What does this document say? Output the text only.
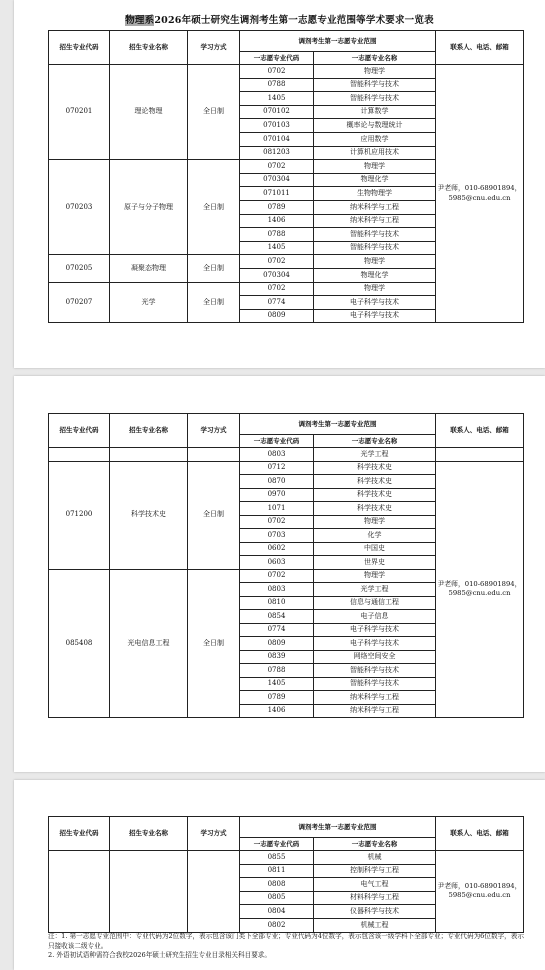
物理系2026年硕士研究生调剂考生第一志愿专业范围等学术要求一览表
招生专业代码	招生专业名称	学习方式	调剂考生第一志愿专业范围		联系人、电话、邮箱
			一志愿专业代码	一志愿专业名称	
070201	理论物理	全日制	0702	物理学	尹老师，010-68901894，5985@cnu.edu.cn
			0788	智能科学与技术	
			1405	智能科学与技术	
			070102	计算数学	
			070103	概率论与数理统计	
			070104	应用数学	
			081203	计算机应用技术	
070203	原子与分子物理	全日制	0702	物理学	
			070304	物理化学	
			071011	生物物理学	
			0789	纳米科学与工程	
			1406	纳米科学与工程	
			0788	智能科学与技术	
			1405	智能科学与技术	
070205	凝聚态物理	全日制	0702	物理学	
			070304	物理化学	
070207	光学	全日制	0702	物理学	
			0774	电子科学与技术	
			0809	电子科学与技术	
招生专业代码	招生专业名称	学习方式	调剂考生第一志愿专业范围		联系人、电话、邮箱
			一志愿专业代码	一志愿专业名称	
			0803	光学工程	
071200	科学技术史	全日制	0712	科学技术史	尹老师，010-68901894，5985@cnu.edu.cn
			0870	科学技术史	
			0970	科学技术史	
			1071	科学技术史	
			0702	物理学	
			0703	化学	
			0602	中国史	
			0603	世界史	
085408	光电信息工程	全日制	0702	物理学	
			0803	光学工程	
			0810	信息与通信工程	
			0854	电子信息	
			0774	电子科学与技术	
			0809	电子科学与技术	
			0839	网络空间安全	
			0788	智能科学与技术	
			1405	智能科学与技术	
			0789	纳米科学与工程	
			1406	纳米科学与工程	
招生专业代码	招生专业名称	学习方式	调剂考生第一志愿专业范围		联系人、电话、邮箱
			一志愿专业代码	一志愿专业名称	
			0855	机械	尹老师，010-68901894，5985@cnu.edu.cn
			0811	控制科学与工程	
			0808	电气工程	
			0805	材料科学与工程	
			0804	仪器科学与技术	
			0802	机械工程	

注：1. 第一志愿专业范围中：专业代码为2位数字，表示包含该门类下全部专业；专业代码为4位数字，表示包含该一级学科下全部专业；专业代码为6位数字，表示只接收该二级专业。

2. 外语初试语种需符合我校2026年硕士研究生招生专业目录相关科目要求。
